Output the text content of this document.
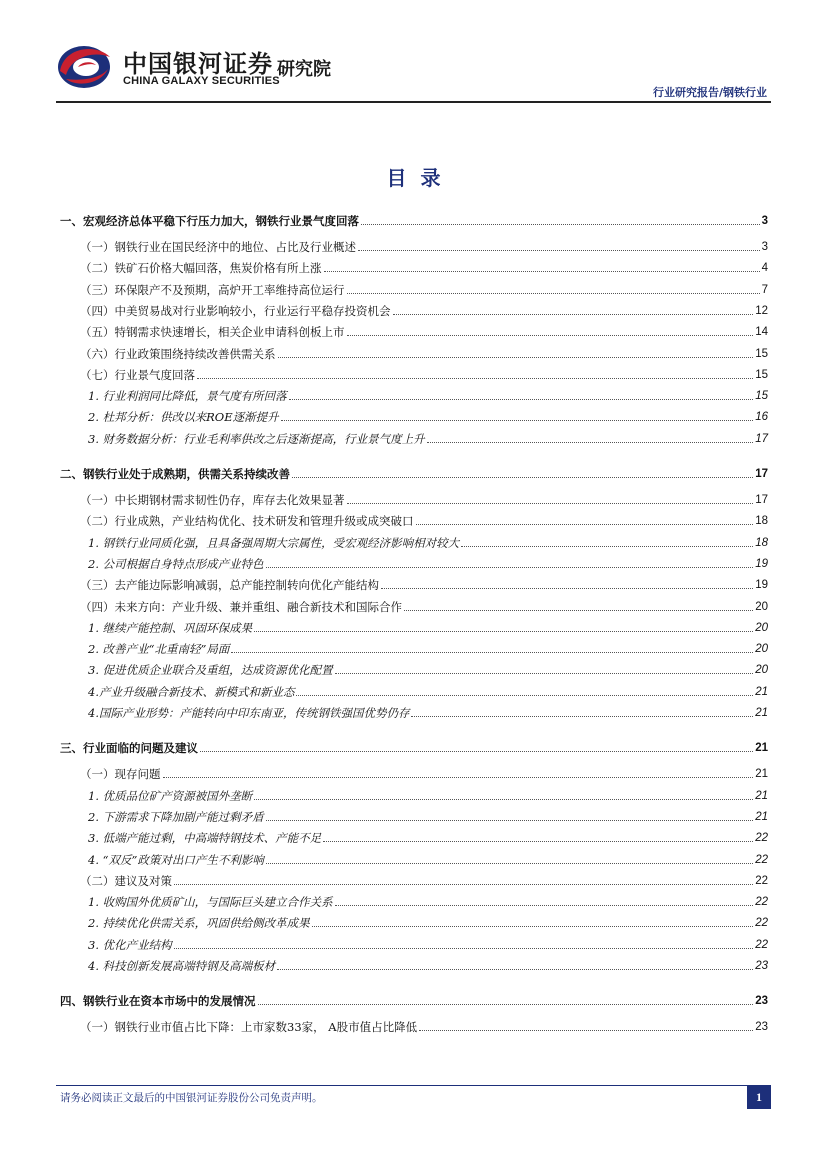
中国银河证券
CHINA GALAXY SECURITIES
研究院
行业研究报告/钢铁行业
目录
一、宏观经济总体平稳下行压力加大，钢铁行业景气度回落	3
（一）钢铁行业在国民经济中的地位、占比及行业概述	3
（二）铁矿石价格大幅回落，焦炭价格有所上涨	4
（三）环保限产不及预期，高炉开工率维持高位运行	7
（四）中美贸易战对行业影响较小，行业运行平稳存投资机会	12
（五）特钢需求快速增长，相关企业申请科创板上市	14
（六）行业政策围绕持续改善供需关系	15
（七）行业景气度回落	15
1. 行业利润同比降低，景气度有所回落	15
2. 杜邦分析：供改以来ROE逐渐提升	16
3. 财务数据分析：行业毛利率供改之后逐渐提高，行业景气度上升	17
二、钢铁行业处于成熟期，供需关系持续改善	17
（一）中长期钢材需求韧性仍存，库存去化效果显著	17
（二）行业成熟，产业结构优化、技术研发和管理升级或成突破口	18
1. 钢铁行业同质化强，且具备强周期大宗属性，受宏观经济影响相对较大	18
2. 公司根据自身特点形成产业特色	19
（三）去产能边际影响减弱，总产能控制转向优化产能结构	19
（四）未来方向：产业升级、兼并重组、融合新技术和国际合作	20
1. 继续产能控制、巩固环保成果	20
2. 改善产业“北重南轻”局面	20
3. 促进优质企业联合及重组，达成资源优化配置	20
4.产业升级融合新技术、新模式和新业态	21
4.国际产业形势：产能转向中印东南亚，传统钢铁强国优势仍存	21
三、行业面临的问题及建议	21
（一）现存问题	21
1. 优质品位矿产资源被国外垄断	21
2. 下游需求下降加剧产能过剩矛盾	21
3. 低端产能过剩，中高端特钢技术、产能不足	22
4. “双反”政策对出口产生不利影响	22
（二）建议及对策	22
1. 收购国外优质矿山，与国际巨头建立合作关系	22
2. 持续优化供需关系，巩固供给侧改革成果	22
3. 优化产业结构	22
4. 科技创新发展高端特钢及高端板材	23
四、钢铁行业在资本市场中的发展情况	23
（一）钢铁行业市值占比下降：上市家数33家， A股市值占比降低	23
请务必阅读正文最后的中国银河证券股份公司免责声明。	1
